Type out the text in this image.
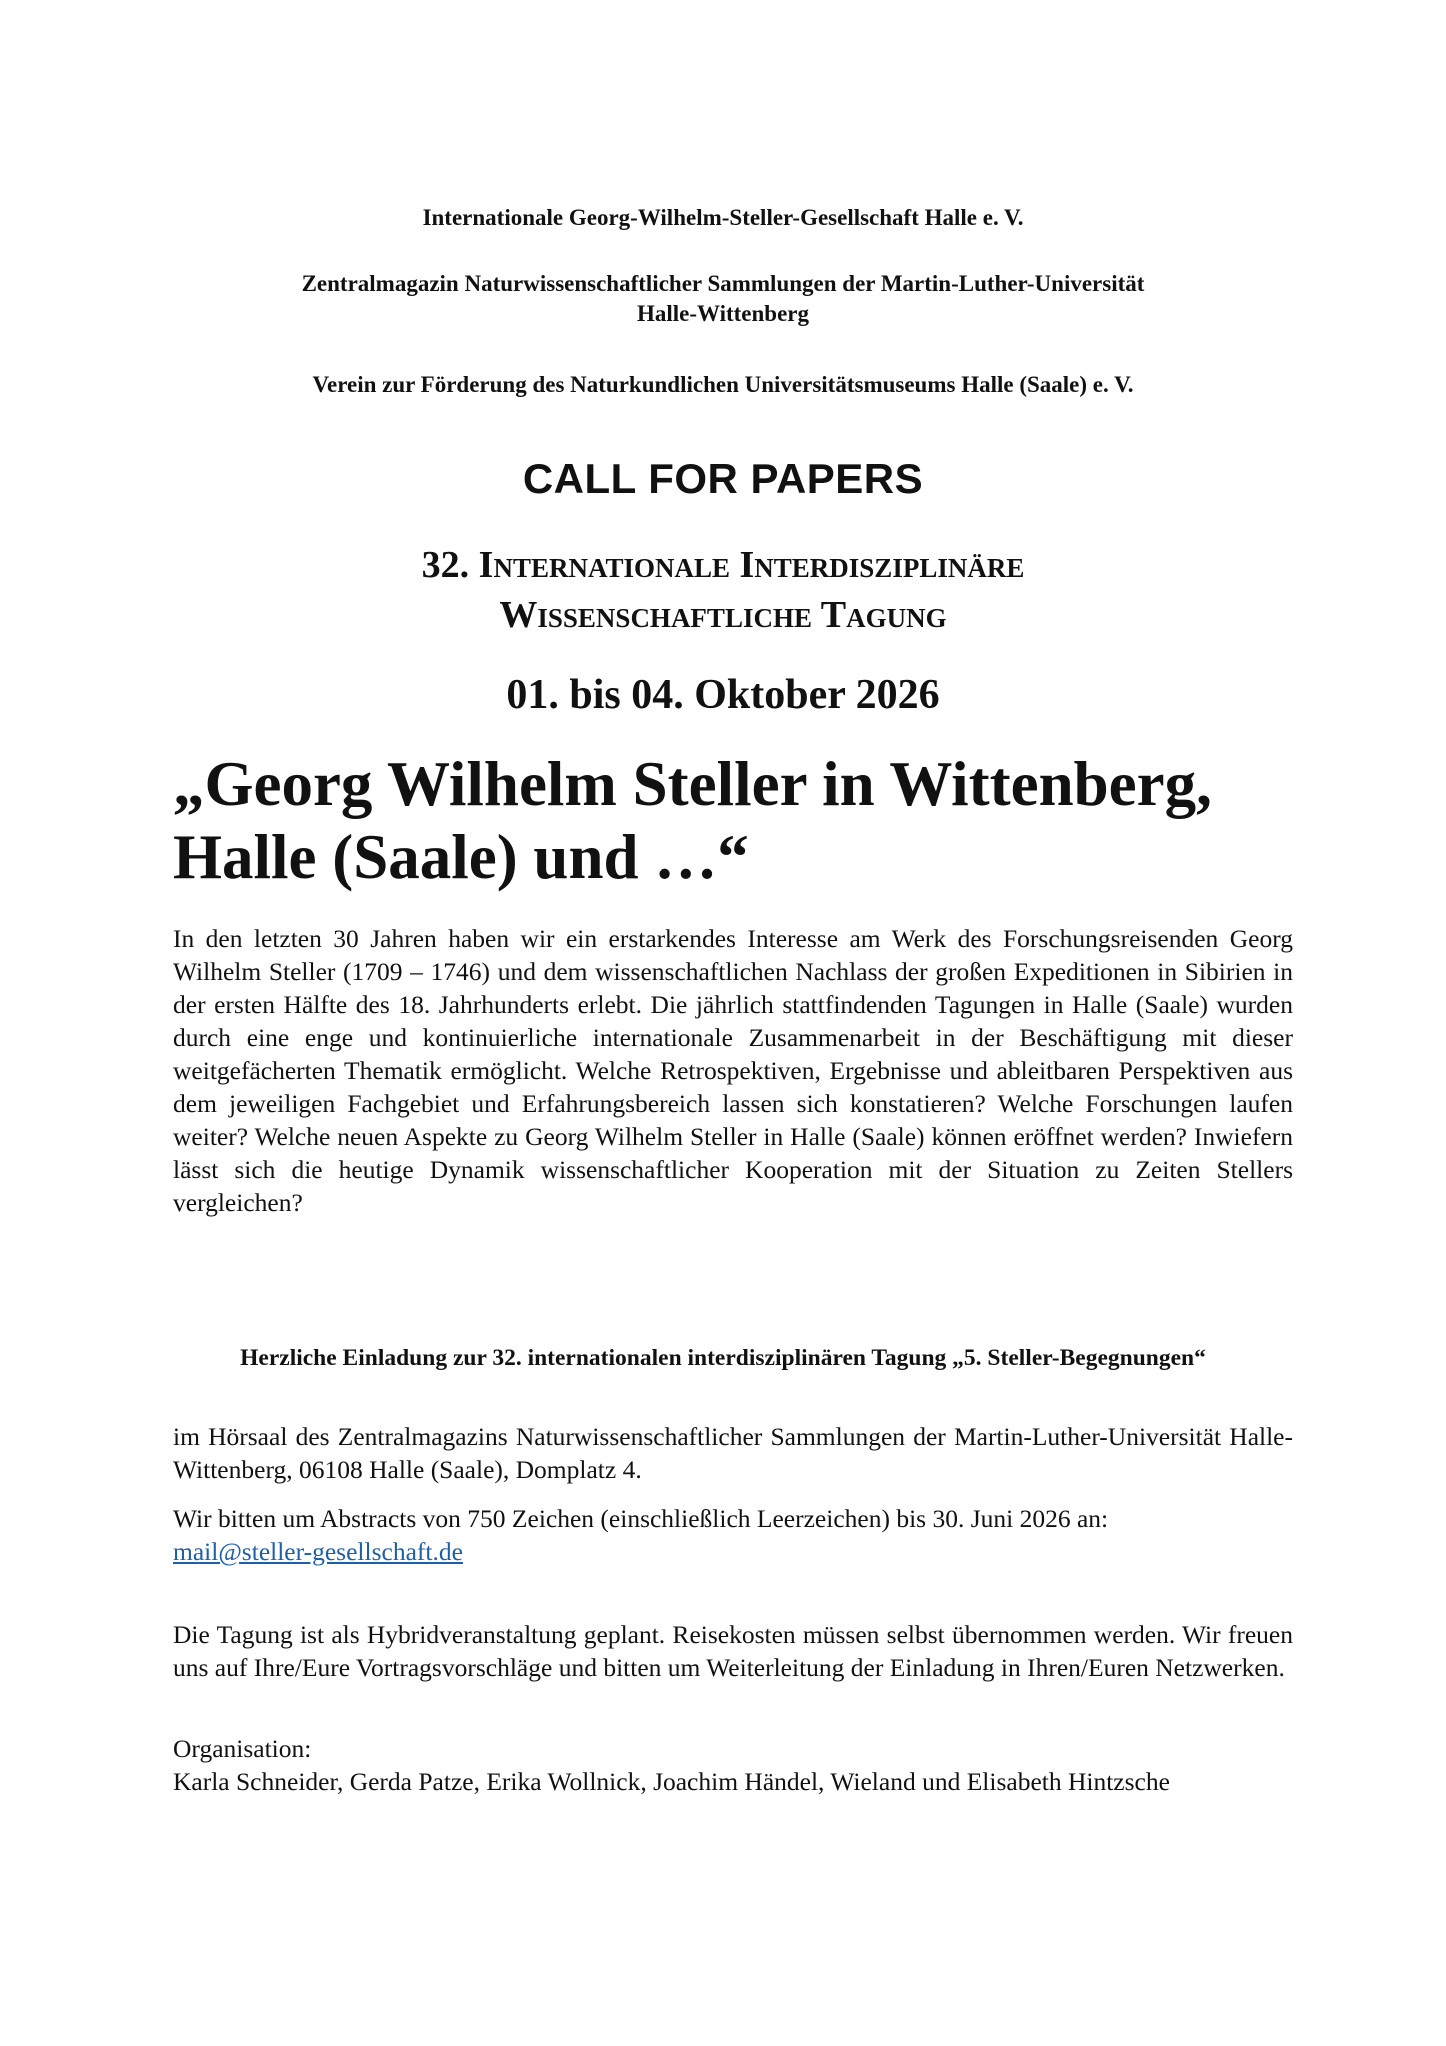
Internationale Georg-Wilhelm-Steller-Gesellschaft Halle e. V.
Zentralmagazin Naturwissenschaftlicher Sammlungen der Martin-Luther-Universität
Halle-Wittenberg
Verein zur Förderung des Naturkundlichen Universitätsmuseums Halle (Saale) e. V.
CALL FOR PAPERS
32. Internationale Interdisziplinäre
Wissenschaftliche Tagung
01. bis 04. Oktober 2026
„Georg Wilhelm Steller in Wittenberg,
Halle (Saale) und …“
In den letzten 30 Jahren haben wir ein erstarkendes Interesse am Werk des Forschungsreisenden Georg Wilhelm Steller (1709 – 1746) und dem wissenschaftlichen Nachlass der großen Expeditionen in Sibirien in der ersten Hälfte des 18. Jahrhunderts erlebt. Die jährlich stattfindenden Tagungen in Halle (Saale) wurden durch eine enge und kontinuierliche internationale Zusammenarbeit in der Beschäftigung mit dieser weitgefächerten Thematik ermöglicht. Welche Retrospektiven, Ergebnisse und ableitbaren Perspektiven aus dem jeweiligen Fachgebiet und Erfahrungsbereich lassen sich konstatieren? Welche Forschungen laufen weiter? Welche neuen Aspekte zu Georg Wilhelm Steller in Halle (Saale) können eröffnet werden? Inwiefern lässt sich die heutige Dynamik wissenschaftlicher Kooperation mit der Situation zu Zeiten Stellers vergleichen?
Herzliche Einladung zur 32. internationalen interdisziplinären Tagung „5. Steller-Begegnungen“
im Hörsaal des Zentralmagazins Naturwissenschaftlicher Sammlungen der Martin-Luther-Universität Halle-Wittenberg, 06108 Halle (Saale), Domplatz 4.
Wir bitten um Abstracts von 750 Zeichen (einschließlich Leerzeichen) bis 30. Juni 2026 an:
mail@steller-gesellschaft.de
Die Tagung ist als Hybridveranstaltung geplant. Reisekosten müssen selbst übernommen werden. Wir freuen uns auf Ihre/Eure Vortragsvorschläge und bitten um Weiterleitung der Einladung in Ihren/Euren Netzwerken.
Organisation:
Karla Schneider, Gerda Patze, Erika Wollnick, Joachim Händel, Wieland und Elisabeth Hintzsche
